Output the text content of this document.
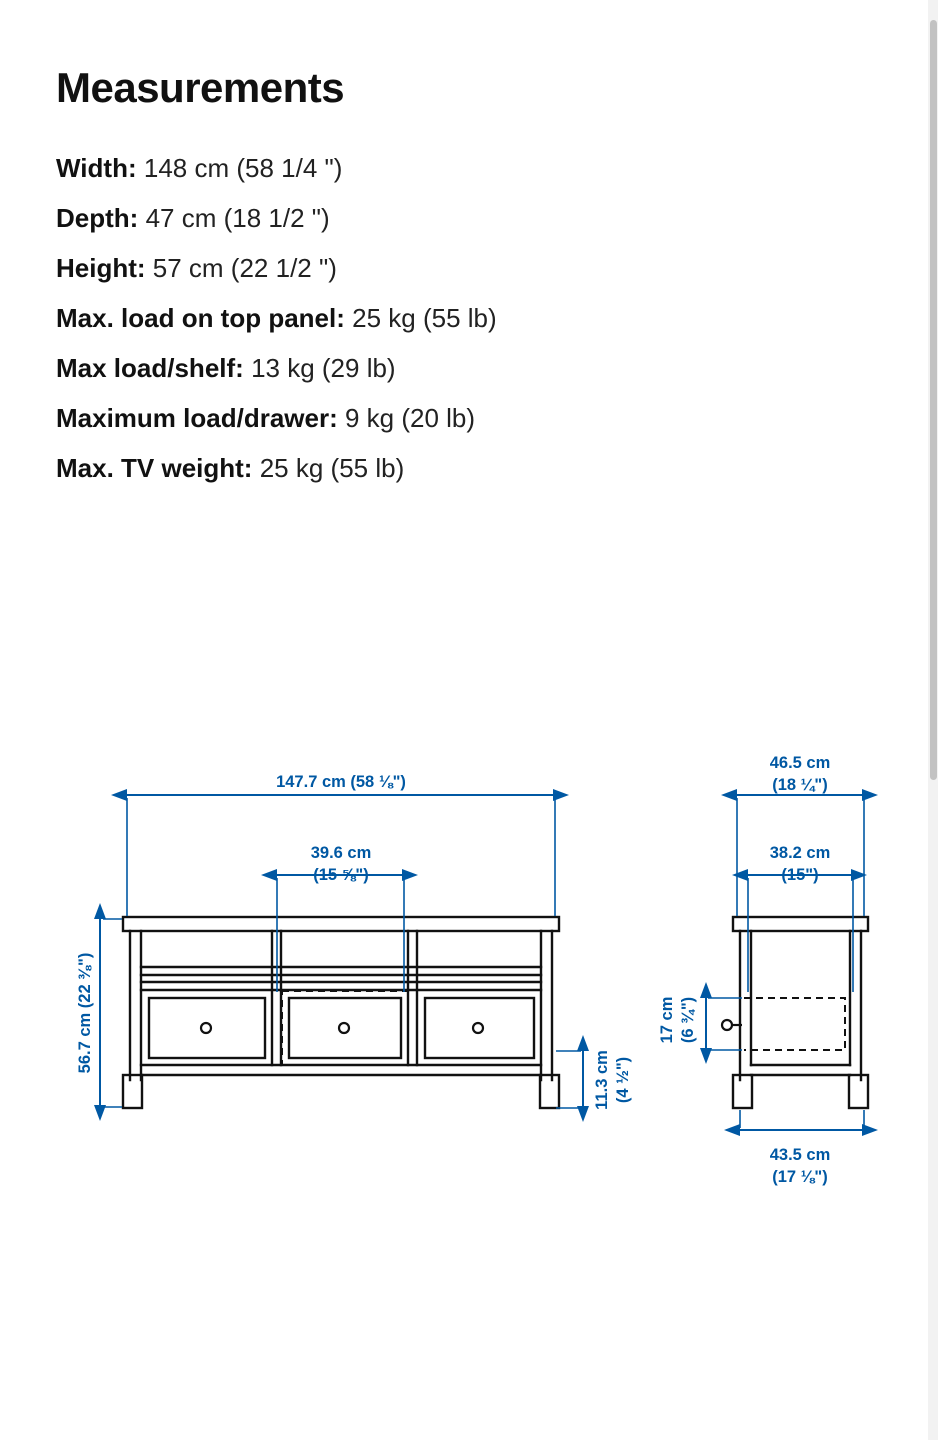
Measurements
Width: 148 cm (58 1/4 ")
Depth: 47 cm (18 1/2 ")
Height: 57 cm (22 1/2 ")
Max. load on top panel: 25 kg (55 lb)
Max load/shelf: 13 kg (29 lb)
Maximum load/drawer: 9 kg (20 lb)
Max. TV weight: 25 kg (55 lb)
147.7 cm (58 ⅛")
39.6 cm
(15 ⅝")
56.7 cm (22 ⅜")
11.3 cm (4 ½")
46.5 cm
(18 ¼")
38.2 cm
(15")
17 cm (6 ¾")
43.5 cm
(17 ⅛")
